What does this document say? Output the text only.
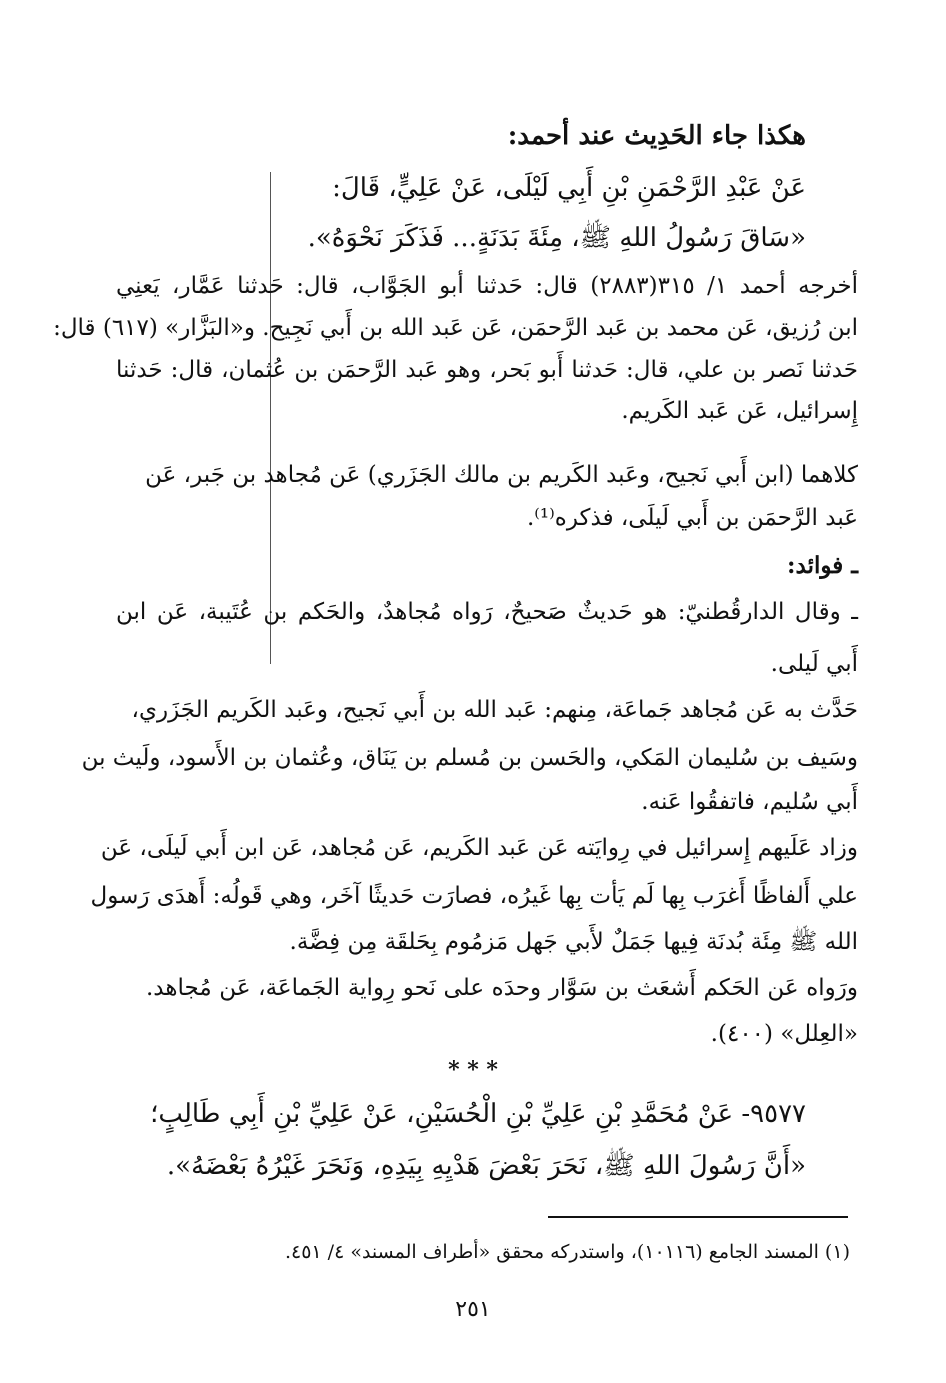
هكذا جاء الحَدِيث عند أحمد:
عَنْ عَبْدِ الرَّحْمَنِ بْنِ أَبِي لَيْلَى، عَنْ عَلِيٍّ، قَالَ:
«سَاقَ رَسُولُ اللهِ ﷺ، مِئَةَ بَدَنَةٍ... فَذَكَرَ نَحْوَهُ».
أخرجه أحمد ١/ ٣١٥(٢٨٨٣) قال: حَدثنا أبو الجَوَّاب، قال: حَدثنا عَمَّار، يَعنِي
ابن رُزيق، عَن محمد بن عَبد الرَّحمَن، عَن عَبد الله بن أَبي نَجِيح. و«البَزَّار» (٦١٧) قال:
حَدثنا نَصر بن علي، قال: حَدثنا أَبو بَحر، وهو عَبد الرَّحمَن بن عُثمان، قال: حَدثنا
إِسرائيل، عَن عَبد الكَريم.
كلاهما (ابن أَبي نَجيح، وعَبد الكَريم بن مالك الجَزَري) عَن مُجاهد بن جَبر، عَن
عَبد الرَّحمَن بن أَبي لَيلَى، فذكره⁽¹⁾.
ـ فوائد:
ـ وقال الدارقُطنيّ: هو حَديثٌ صَحيحٌ، رَواه مُجاهدٌ، والحَكم بن عُتَيبة، عَن ابن
أَبي لَيلى.
حَدَّث به عَن مُجاهد جَماعَة، مِنهم: عَبد الله بن أَبي نَجيح، وعَبد الكَريم الجَزَري،
وسَيف بن سُليمان المَكي، والحَسن بن مُسلم بن يَنَاق، وعُثمان بن الأَسود، ولَيث بن
أَبي سُليم، فاتفقُوا عَنه.
وزاد عَلَيهم إِسرائيل في رِوايَته عَن عَبد الكَريم، عَن مُجاهد، عَن ابن أَبي لَيلَى، عَن
علي أَلفاظًا أَغرَب بِها لَم يَأت بِها غَيرُه، فصارَت حَديثًا آخَر، وهي قَولُه: أَهدَى رَسول
الله ﷺ مِئَة بُدنَة فِيها جَمَلٌ لأَبي جَهل مَزمُوم بِحَلقَة مِن فِضَّة.
ورَواه عَن الحَكم أَشعَث بن سَوَّار وحدَه على نَحو رِواية الجَماعَة، عَن مُجاهد.
«العِلل» (٤٠٠).
* * *
٩٥٧٧- عَنْ مُحَمَّدِ بْنِ عَلِيِّ بْنِ الْحُسَيْنِ، عَنْ عَلِيِّ بْنِ أَبِي طَالِبٍ؛
«أَنَّ رَسُولَ اللهِ ﷺ، نَحَرَ بَعْضَ هَدْيِهِ بِيَدِهِ، وَنَحَرَ غَيْرُهُ بَعْضَهُ».
(١) المسند الجامع (١٠١١٦)، واستدركه محقق «أطراف المسند» ٤/ ٤٥١.
٢٥١
